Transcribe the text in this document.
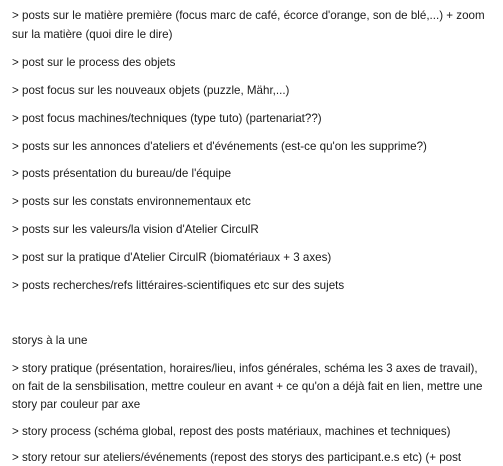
> posts sur le matière première (focus marc de café, écorce d'orange, son de blé,...) + zoom
sur la matière (quoi dire le dire)
> post sur le process des objets
> post focus sur les nouveaux objets (puzzle, Mähr,...)
> post focus machines/techniques (type tuto) (partenariat??)
> posts sur les annonces d'ateliers et d'événements (est-ce qu'on les supprime?)
> posts présentation du bureau/de l'équipe
> posts sur les constats environnementaux etc
> posts sur les valeurs/la vision d'Atelier CirculR
> post sur la pratique d'Atelier CirculR (biomatériaux + 3 axes)
> posts recherches/refs littéraires-scientifiques etc sur des sujets
storys à la une
> story pratique (présentation, horaires/lieu, infos générales, schéma les 3 axes de travail),
on fait de la sensbilisation, mettre couleur en avant + ce qu'on a déjà fait en lien, mettre une
story par couleur par axe
> story process (schéma global, repost des posts matériaux, machines et techniques)
> story retour sur ateliers/événements (repost des storys des participant.e.s etc) (+ post
